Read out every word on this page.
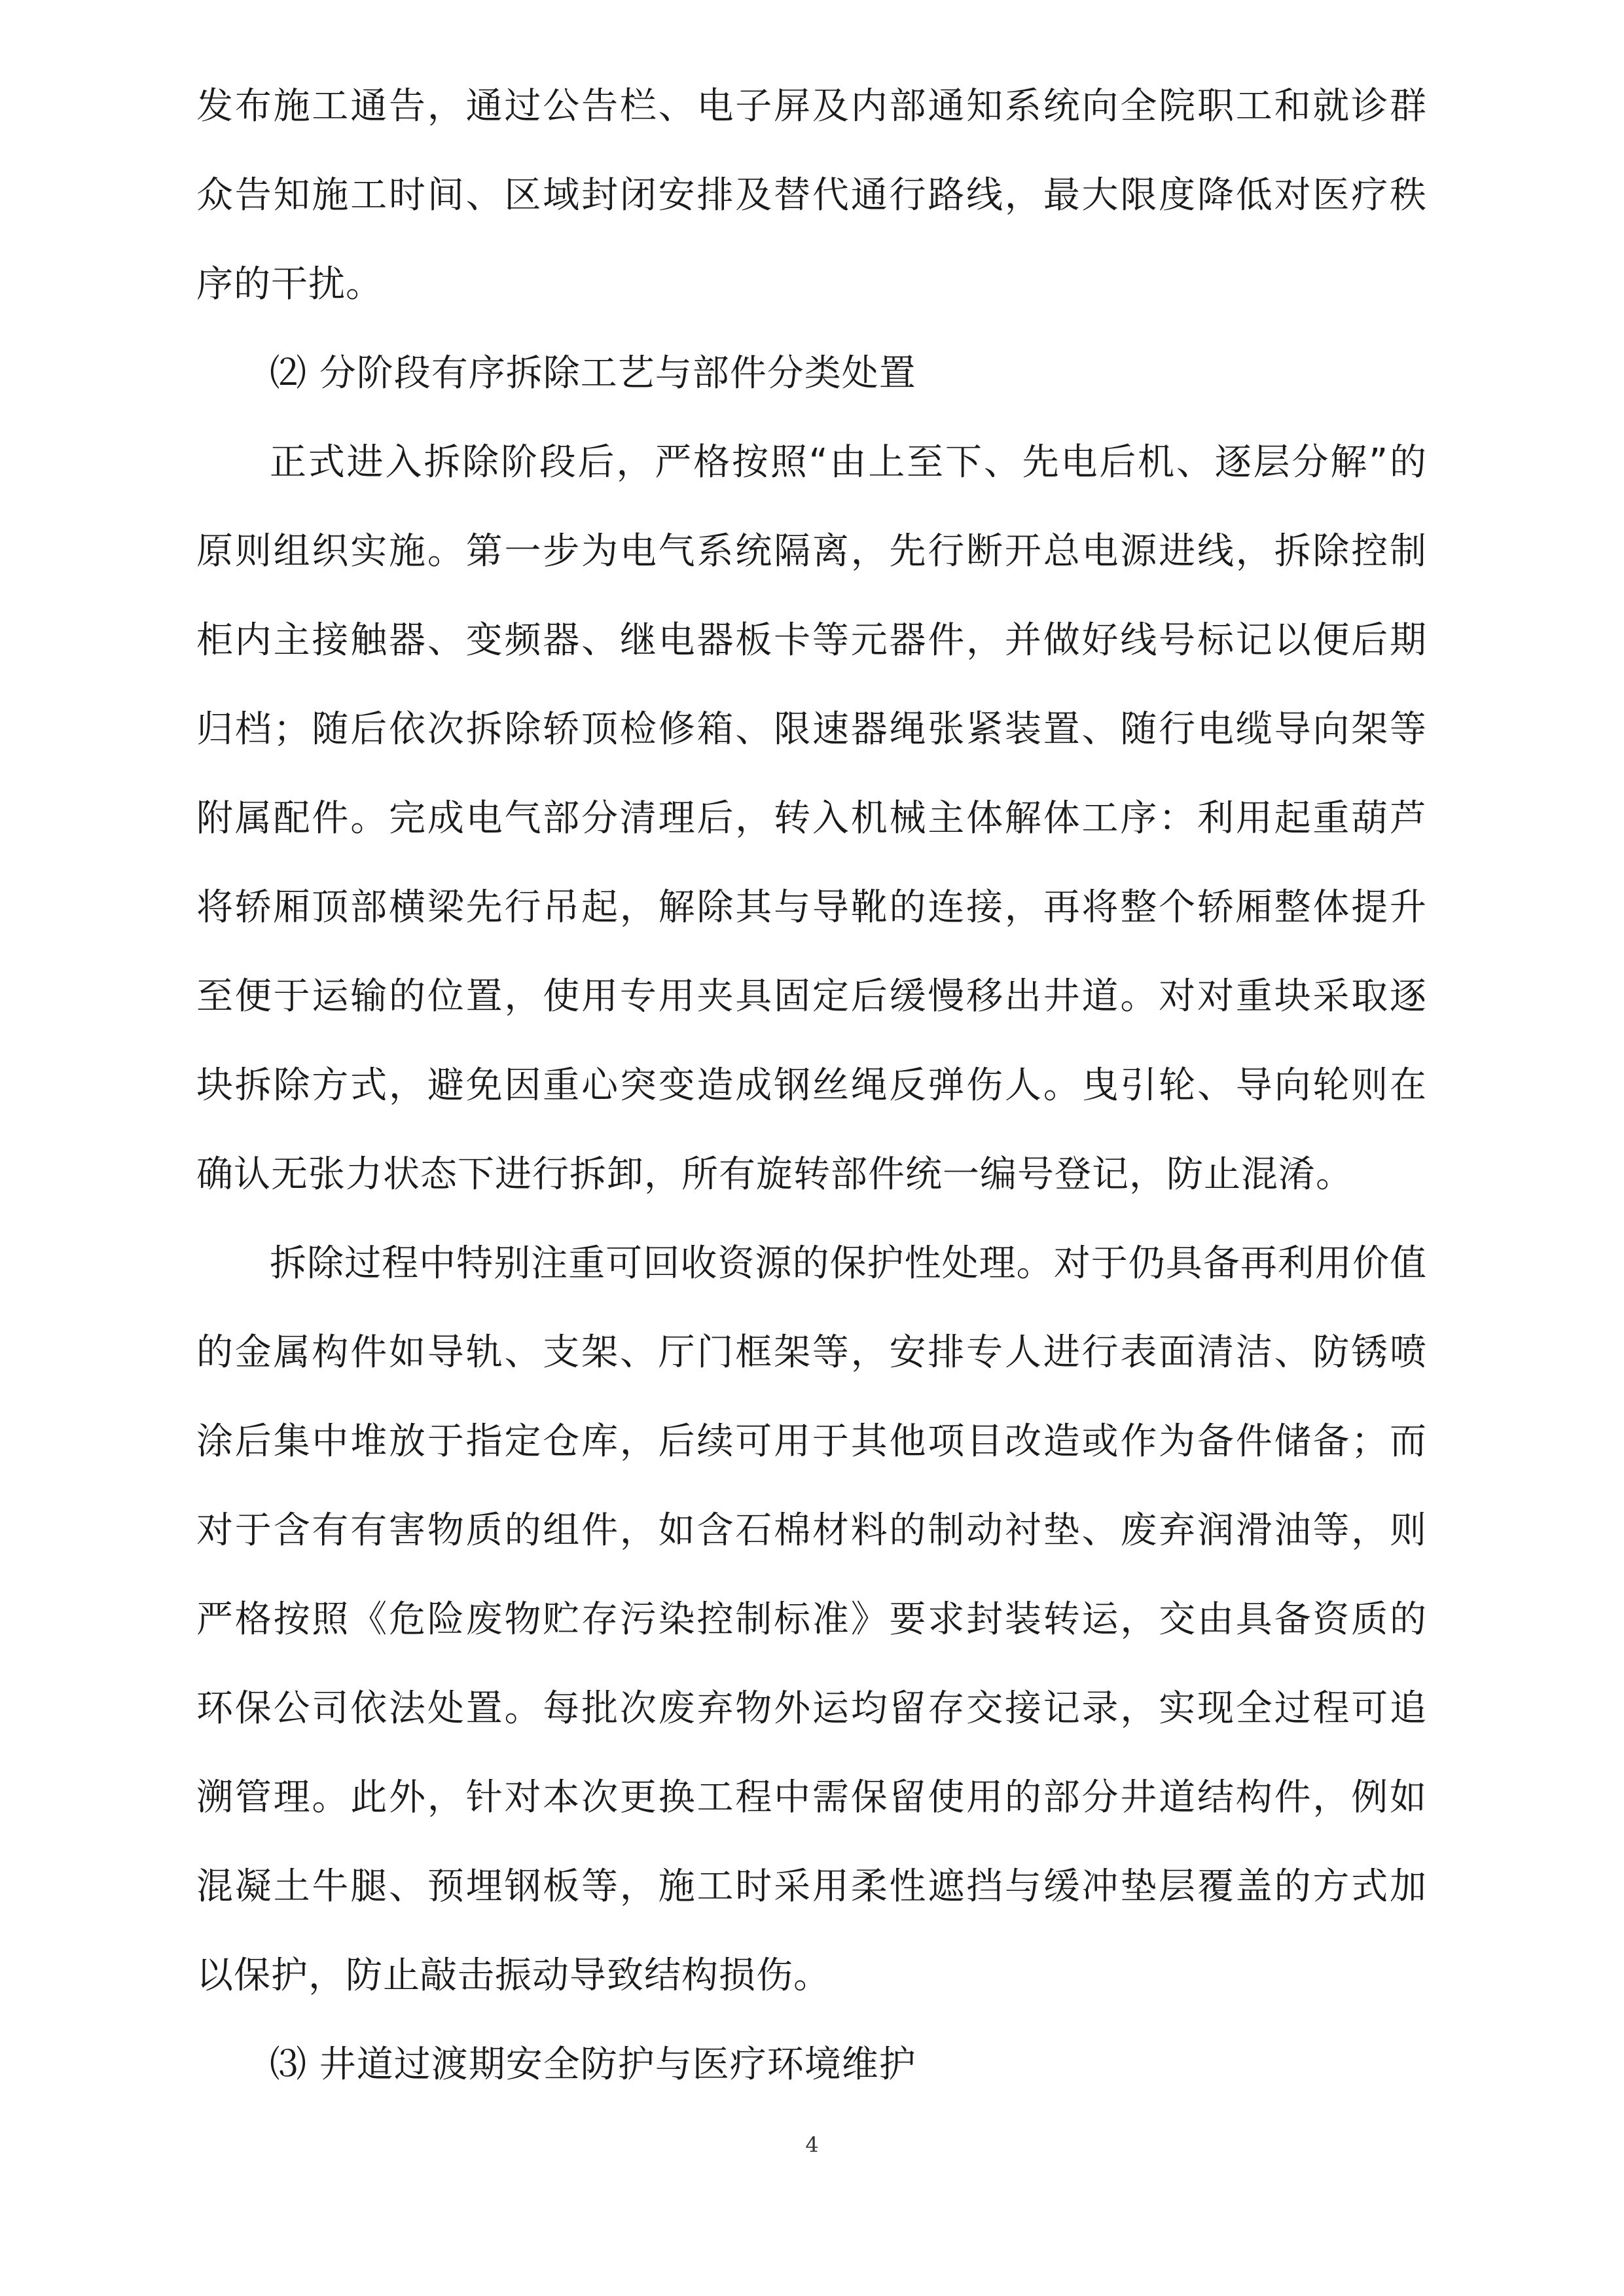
发布施工通告，通过公告栏、电子屏及内部通知系统向全院职工和就诊群众告知施工时间、区域封闭安排及替代通行路线，最大限度降低对医疗秩序的干扰。

⑵ 分阶段有序拆除工艺与部件分类处置

正式进入拆除阶段后，严格按照“由上至下、先电后机、逐层分解”的原则组织实施。第一步为电气系统隔离，先行断开总电源进线，拆除控制柜内主接触器、变频器、继电器板卡等元器件，并做好线号标记以便后期归档；随后依次拆除轿顶检修箱、限速器绳张紧装置、随行电缆导向架等附属配件。完成电气部分清理后，转入机械主体解体工序：利用起重葫芦将轿厢顶部横梁先行吊起，解除其与导靴的连接，再将整个轿厢整体提升至便于运输的位置，使用专用夹具固定后缓慢移出井道。对对重块采取逐块拆除方式，避免因重心突变造成钢丝绳反弹伤人。曳引轮、导向轮则在确认无张力状态下进行拆卸，所有旋转部件统一编号登记，防止混淆。

拆除过程中特别注重可回收资源的保护性处理。对于仍具备再利用价值的金属构件如导轨、支架、厅门框架等，安排专人进行表面清洁、防锈喷涂后集中堆放于指定仓库，后续可用于其他项目改造或作为备件储备；而对于含有有害物质的组件，如含石棉材料的制动衬垫、废弃润滑油等，则严格按照《危险废物贮存污染控制标准》要求封装转运，交由具备资质的环保公司依法处置。每批次废弃物外运均留存交接记录，实现全过程可追溯管理。此外，针对本次更换工程中需保留使用的部分井道结构件，例如混凝土牛腿、预埋钢板等，施工时采用柔性遮挡与缓冲垫层覆盖的方式加以保护，防止敲击振动导致结构损伤。

⑶ 井道过渡期安全防护与医疗环境维护

4
